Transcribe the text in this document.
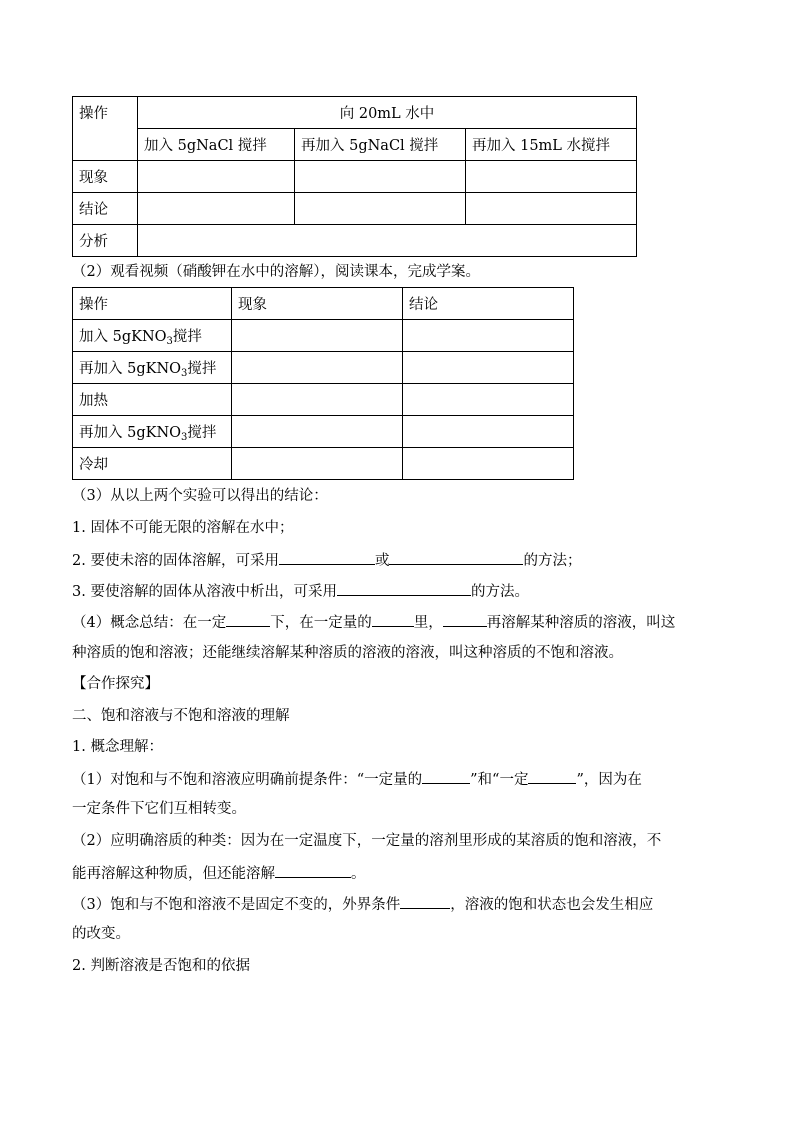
操作	向 20mL 水中		
	加入 5gNaCl 搅拌	再加入 5gNaCl 搅拌	再加入 15mL 水搅拌
现象			
结论			
分析			
（2）观看视频（硝酸钾在水中的溶解），阅读课本，完成学案。
操作	现象	结论
加入 5gKNO$_3$搅拌		
再加入 5gKNO$_3$搅拌		
加热		
再加入 5gKNO$_3$搅拌		
冷却		
（3）从以上两个实验可以得出的结论：
1. 固体不可能无限的溶解在水中；
2. 要使未溶的固体溶解，可采用	或	的方法；
3. 要使溶解的固体从溶液中析出，可采用	的方法。
（4）概念总结：在一定	下，在一定量的	里，	再溶解某种溶质的溶液，叫这
种溶质的饱和溶液；还能继续溶解某种溶质的溶液的溶液，叫这种溶质的不饱和溶液。
【合作探究】
二、饱和溶液与不饱和溶液的理解
1. 概念理解：
（1）对饱和与不饱和溶液应明确前提条件：“一定量的	”和“一定	”，因为在
一定条件下它们互相转变。
（2）应明确溶质的种类：因为在一定温度下，一定量的溶剂里形成的某溶质的饱和溶液，不
能再溶解这种物质，但还能溶解	。
（3）饱和与不饱和溶液不是固定不变的，外界条件	，溶液的饱和状态也会发生相应
的改变。
2. 判断溶液是否饱和的依据
